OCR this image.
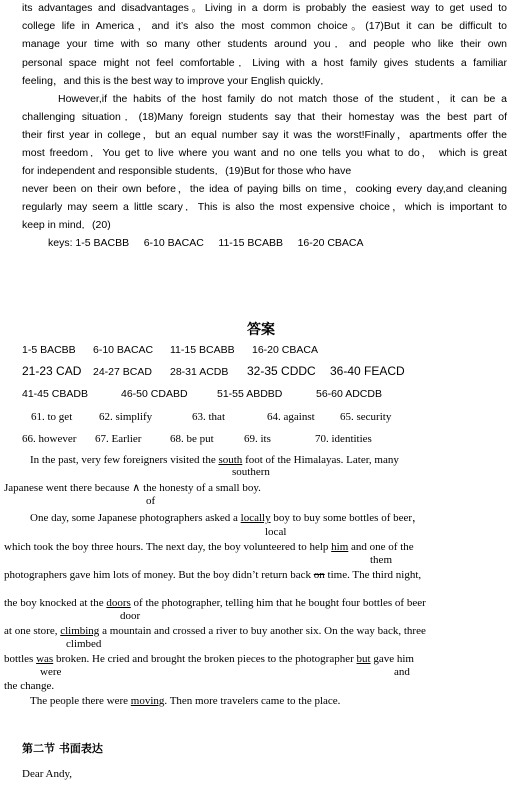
its advantages and disadvantages。Living in a dorm is probably the easiest way to get used to
college life in America，and it’s also the most common choice。(17)But it can be difficult to
manage your time with so many other students around you．and people who like their own
personal space might not feel comfortable．Living with a host family gives students a familiar
feeling，and this is the best way to improve your English quickly．
However,if the habits of the host family do not match those of the student，it can be a
challenging situation．(18)Many foreign students say that their homestay was the best part of
their first year in college，but an equal number say it was the worst!Finally，apartments offer the
most freedom．You get to live where you want and no one tells you what to do， which is great
for independent and responsible students．(19)But for those who have
never been on their own before，the idea of paying bills on time，cooking every day,and cleaning
regularly may seem a little scary．This is also the most expensive choice，which is important to
keep in mind．(20)
keys: 1-5 BACBB     6-10 BACAC     11-15 BCABB     16-20 CBACA
答案
1-5 BACBB 6-10 BACAC 11-15 BCABB 16-20 CBACA
21-23 CAD 24-27 BCAD 28-31 ACDB 32-35 CDDC 36-40 FEACD
41-45 CBADB	46-50 CDABD	51-55 ABDBD	56-60 ADCDB
61. to get 62. simplify	63. that	64. against 65. security
66. however 67. Earlier	68. be put	69. its	70. identities
In the past, very few foreigners visited the south foot of the Himalayas. Later, many
southern
Japanese went there because ∧ the honesty of a small boy.
of
One day, some Japanese photographers asked a locally boy to buy some bottles of beer，
local
which took the boy three hours. The next day, the boy volunteered to help him and one of the
them
photographers gave him lots of money. But the boy didn’t return back on time. The third night,
the boy knocked at the doors of the photographer, telling him that he bought four bottles of beer
door
at one store, climbing a mountain and crossed a river to buy another six. On the way back, three
climbed
bottles was broken. He cried and brought the broken pieces to the photographer but gave him
were	and
the change.
The people there were moving. Then more travelers came to the place.
第二节 书面表达
Dear Andy,
